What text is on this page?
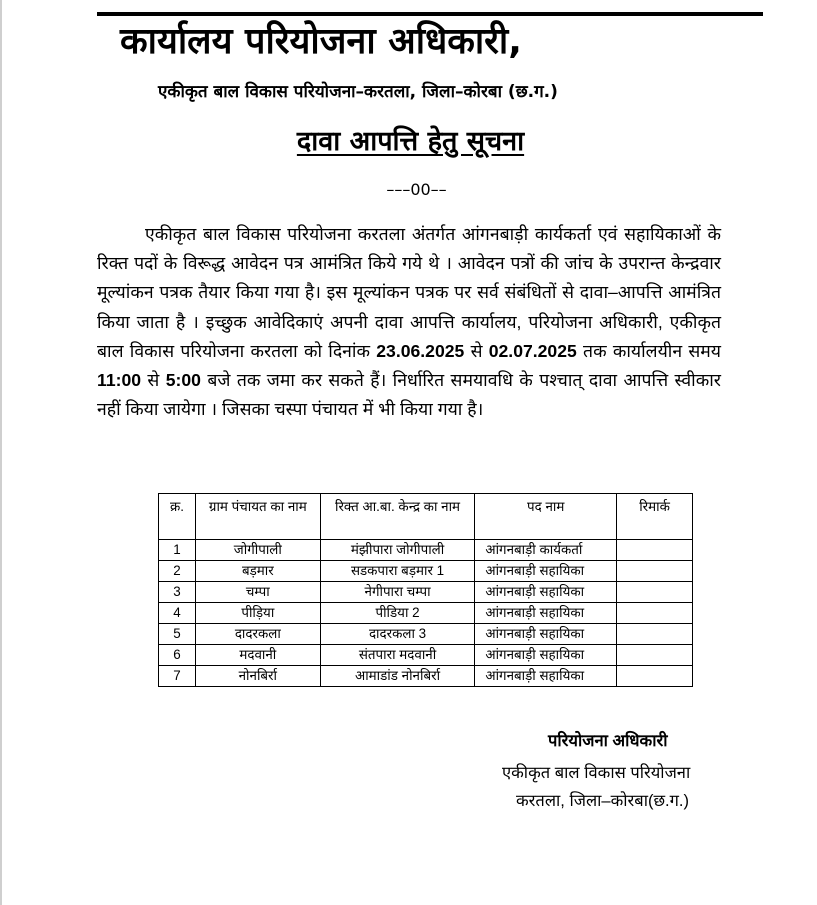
कार्यालय परियोजना अधिकारी,

एकीकृत बाल विकास परियोजना–करतला, जिला–कोरबा (छ.ग.)

दावा आपत्ति हेतु सूचना
–––00––

एकीकृत बाल विकास परियोजना करतला अंतर्गत आंगनबाड़ी कार्यकर्ता एवं सहायिकाओं के रिक्त पदों के विरूद्ध आवेदन पत्र आमंत्रित किये गये थे । आवेदन पत्रों की जांच के उपरान्त केन्द्रवार मूल्यांकन पत्रक तैयार किया गया है। इस मूल्यांकन पत्रक पर सर्व संबंधितों से दावा–आपत्ति आमंत्रित किया जाता है । इच्छुक आवेदिकाएं अपनी दावा आपत्ति कार्यालय, परियोजना अधिकारी, एकीकृत बाल विकास परियोजना करतला को दिनांक 23.06.2025 से 02.07.2025 तक कार्यालयीन समय 11:00 से 5:00 बजे तक जमा कर सकते हैं। निर्धारित समयावधि के पश्चात् दावा आपत्ति स्वीकार नहीं किया जायेगा । जिसका चस्पा पंचायत में भी किया गया है।

क्र.	ग्राम पंचायत का नाम	रिक्त आ.बा. केन्द्र का नाम	पद नाम	रिमार्क
1	जोगीपाली	मंझीपारा जोगीपाली	आंगनबाड़ी कार्यकर्ता	
2	बड़मार	सडकपारा बड़मार 1	आंगनबाड़ी सहायिका	
3	चम्पा	नेगीपारा चम्पा	आंगनबाड़ी सहायिका	
4	पीड़िया	पीडिया 2	आंगनबाड़ी सहायिका	
5	दादरकला	दादरकला 3	आंगनबाड़ी सहायिका	
6	मदवानी	संतपारा मदवानी	आंगनबाड़ी सहायिका	
7	नोनबिर्रा	आमाडांड नोनबिर्रा	आंगनबाड़ी सहायिका	
परियोजना अधिकारी
एकीकृत बाल विकास परियोजना
करतला, जिला–कोरबा(छ.ग.)
